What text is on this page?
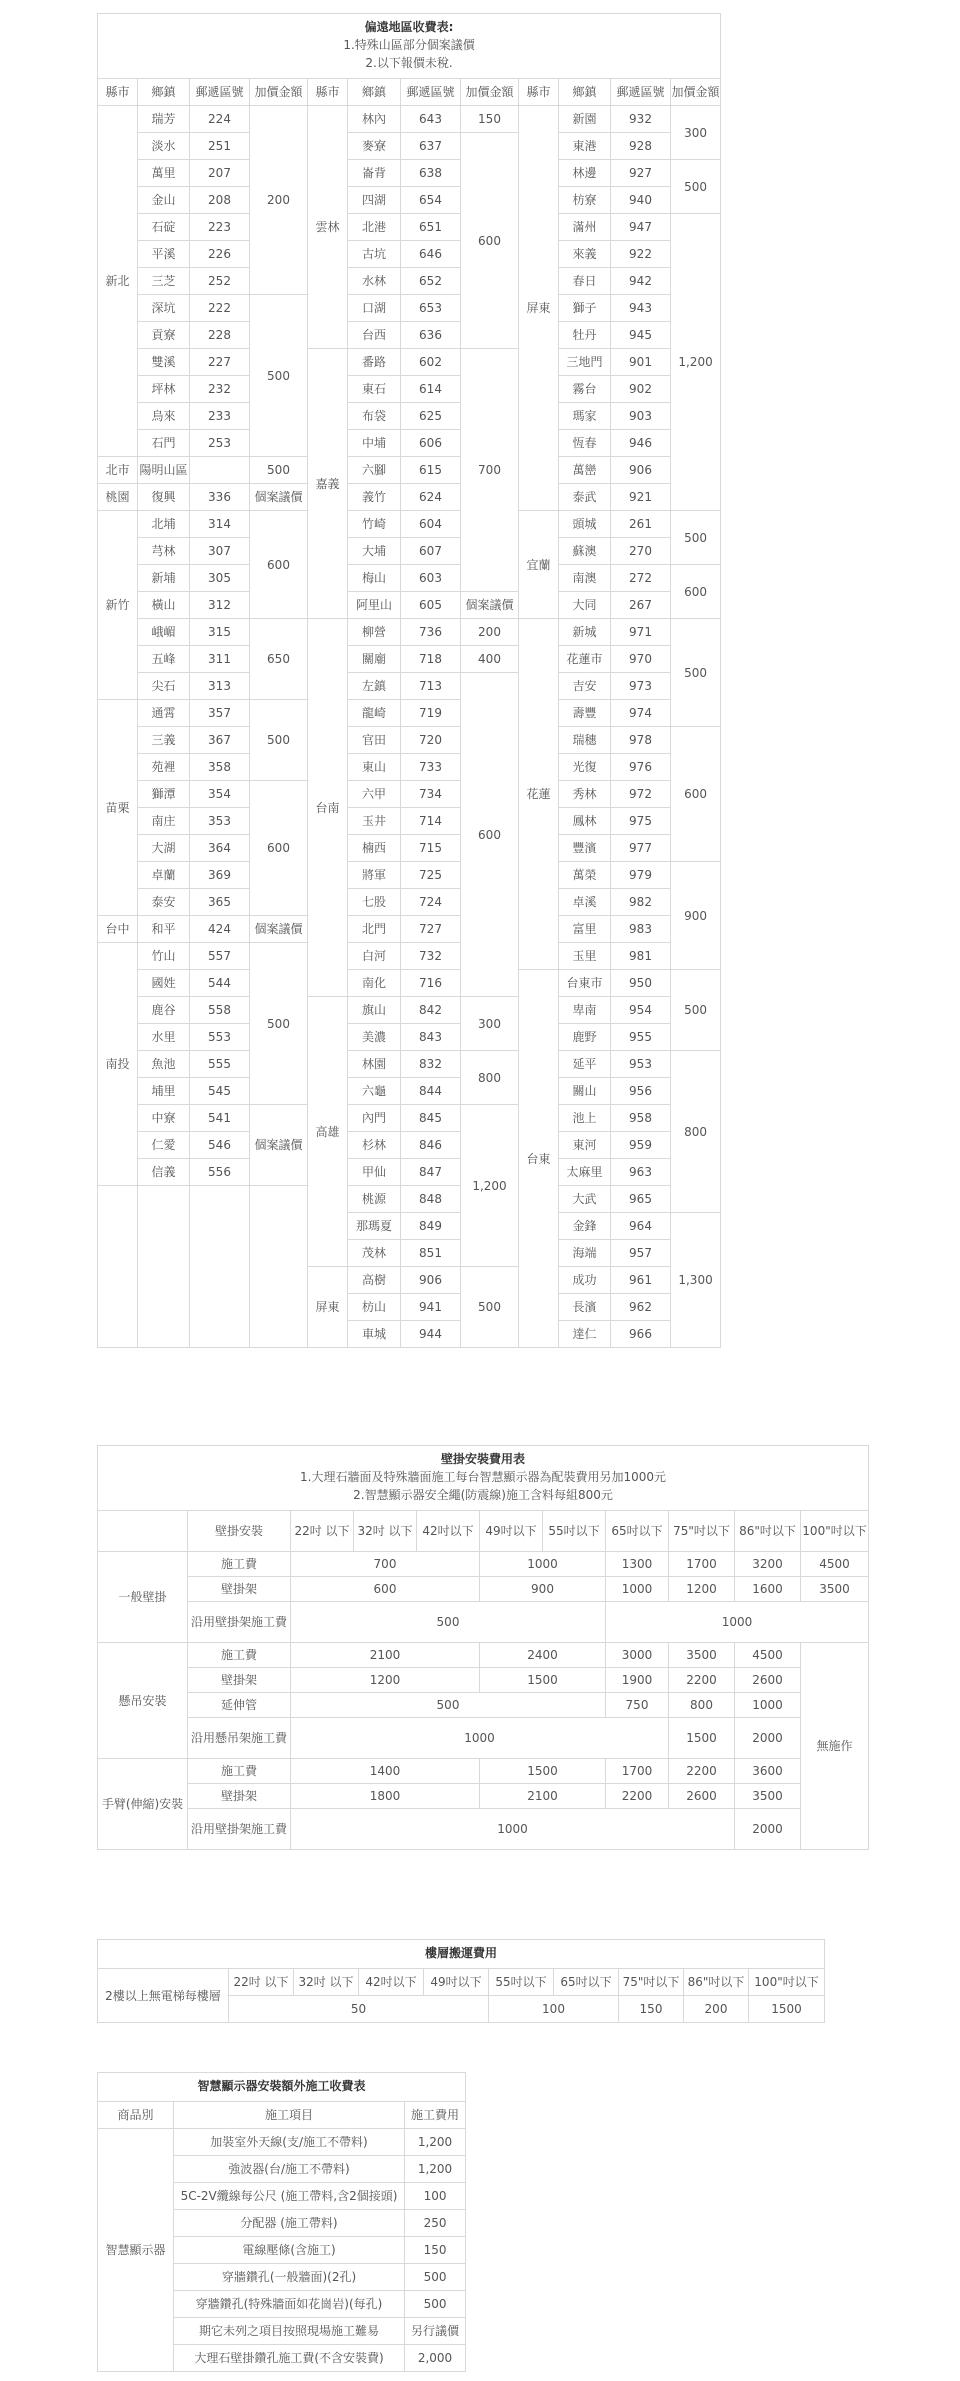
偏遠地區收費表:
1.特殊山區部分個案議價
2.以下報價未稅.											
縣市	鄉鎮	郵遞區號	加價金額	縣市	鄉鎮	郵遞區號	加價金額	縣市	鄉鎮	郵遞區號	加價金額
新北	瑞芳	224	200	雲林	林內	643	150	屏東	新園	932	300
	淡水	251			麥寮	637	600		東港	928	
	萬里	207			崙背	638			林邊	927	500
	金山	208			四湖	654			枋寮	940	
	石碇	223			北港	651			滿州	947	1,200
	平溪	226			古坑	646			來義	922	
	三芝	252			水林	652			春日	942	
	深坑	222	500		口湖	653			獅子	943	
	貢寮	228			台西	636			牡丹	945	
	雙溪	227		嘉義	番路	602	700		三地門	901	
	坪林	232			東石	614			霧台	902	
	烏來	233			布袋	625			瑪家	903	
	石門	253			中埔	606			恆春	946	
北市	陽明山區		500		六腳	615			萬巒	906	
桃園	復興	336	個案議價		義竹	624			泰武	921	
新竹	北埔	314	600		竹崎	604		宜蘭	頭城	261	500
	芎林	307			大埔	607			蘇澳	270	
	新埔	305			梅山	603			南澳	272	600
	橫山	312			阿里山	605	個案議價		大同	267	
	峨嵋	315	650	台南	柳營	736	200	花蓮	新城	971	500
	五峰	311			關廟	718	400		花蓮市	970	
	尖石	313			左鎮	713	600		吉安	973	
苗栗	通霄	357	500		龍崎	719			壽豐	974	
	三義	367			官田	720			瑞穗	978	600
	苑裡	358			東山	733			光復	976	
	獅潭	354	600		六甲	734			秀林	972	
	南庄	353			玉井	714			鳳林	975	
	大湖	364			楠西	715			豐濱	977	
	卓蘭	369			將軍	725			萬榮	979	900
	泰安	365			七股	724			卓溪	982	
台中	和平	424	個案議價		北門	727			富里	983	
南投	竹山	557	500		白河	732			玉里	981	
	國姓	544			南化	716		台東	台東市	950	500
	鹿谷	558		高雄	旗山	842	300		卑南	954	
	水里	553			美濃	843			鹿野	955	
	魚池	555			林園	832	800		延平	953	800
	埔里	545			六龜	844			關山	956	
	中寮	541	個案議價		內門	845	1,200		池上	958	
	仁愛	546			杉林	846			東河	959	
	信義	556			甲仙	847			太麻里	963	
					桃源	848			大武	965	
					那瑪夏	849			金鋒	964	1,300
					茂林	851			海端	957	
				屏東	高樹	906	500		成功	961	
					枋山	941			長濱	962	
					車城	944			達仁	966	
壁掛安裝費用表
1.大理石牆面及特殊牆面施工每台智慧顯示器為配裝費用另加1000元
2.智慧顯示器安全繩(防震線)施工含料每組800元										
	壁掛安裝	22吋 以下	32吋 以下	42吋以下	49吋以下	55吋以下	65吋以下	75"吋以下	86"吋以下	100"吋以下
一般壁掛	施工費	700			1000		1300	1700	3200	4500
	壁掛架	600			900		1000	1200	1600	3500
	沿用壁掛架施工費	500					1000			
懸吊安裝	施工費	2100			2400		3000	3500	4500	無施作
	壁掛架	1200			1500		1900	2200	2600	
	延伸管	500					750	800	1000	
	沿用懸吊架施工費	1000						1500	2000	
手臂(伸縮)安裝	施工費	1400			1500		1700	2200	3600	
	壁掛架	1800			2100		2200	2600	3500	
	沿用壁掛架施工費	1000							2000	
樓層搬運費用									
2樓以上無電梯每樓層	22吋 以下	32吋 以下	42吋以下	49吋以下	55吋以下	65吋以下	75"吋以下	86"吋以下	100"吋以下
	50				100		150	200	1500
智慧顯示器安裝額外施工收費表		
商品別	施工項目	施工費用
智慧顯示器	加裝室外天線(支/施工不帶料)	1,200
	強波器(台/施工不帶料)	1,200
	5C-2V纜線每公尺 (施工帶料,含2個接頭)	100
	分配器 (施工帶料)	250
	電線壓條(含施工)	150
	穿牆鑽孔(一般牆面)(2孔)	500
	穿牆鑽孔(特殊牆面如花崗岩)(每孔)	500
	期它未列之項目按照現場施工難易	另行議價
	大理石壁掛鑽孔施工費(不含安裝費)	2,000
